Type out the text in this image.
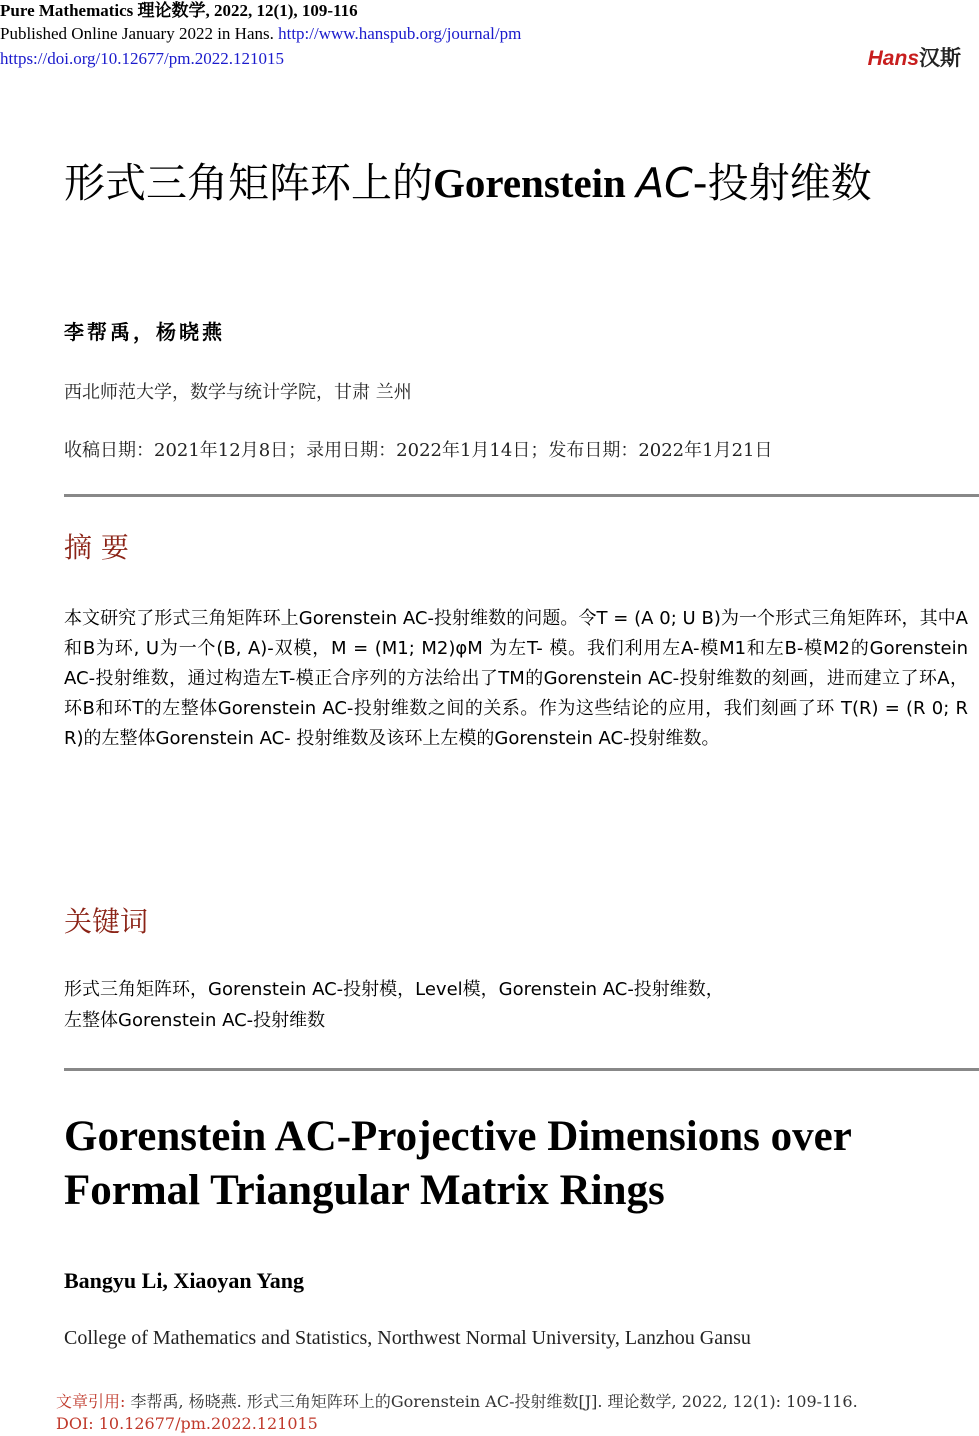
Pure Mathematics 理论数学, 2022, 12(1), 109-116
Published Online January 2022 in Hans. http://www.hanspub.org/journal/pm
https://doi.org/10.12677/pm.2022.121015	Hans汉斯
形式三角矩阵环上的Gorenstein AC-投射维数
李帮禹，杨晓燕
西北师范大学，数学与统计学院，甘肃 兰州
收稿日期：2021年12月8日；录用日期：2022年1月14日；发布日期：2022年1月21日
摘 要
本文研究了形式三角矩阵环上Gorenstein AC-投射维数的问题。令T = (A 0; U B)为一个形式三角矩阵环，其中A和B为环, U为一个(B, A)-双模，M = (M1; M2)φM 为左T- 模。我们利用左A-模M1和左B-模M2的Gorenstein AC-投射维数，通过构造左T-模正合序列的方法给出了TM的Gorenstein AC-投射维数的刻画，进而建立了环A，环B和环T的左整体Gorenstein AC-投射维数之间的关系。作为这些结论的应用，我们刻画了环 T(R) = (R 0; R R)的左整体Gorenstein AC- 投射维数及该环上左模的Gorenstein AC-投射维数。
关键词
形式三角矩阵环，Gorenstein AC-投射模，Level模，Gorenstein AC-投射维数，
左整体Gorenstein AC-投射维数
Gorenstein AC-Projective Dimensions over
Formal Triangular Matrix Rings
Bangyu Li, Xiaoyan Yang
College of Mathematics and Statistics, Northwest Normal University, Lanzhou Gansu
文章引用: 李帮禹, 杨晓燕. 形式三角矩阵环上的Gorenstein AC-投射维数[J]. 理论数学, 2022, 12(1): 109-116.
DOI: 10.12677/pm.2022.121015
